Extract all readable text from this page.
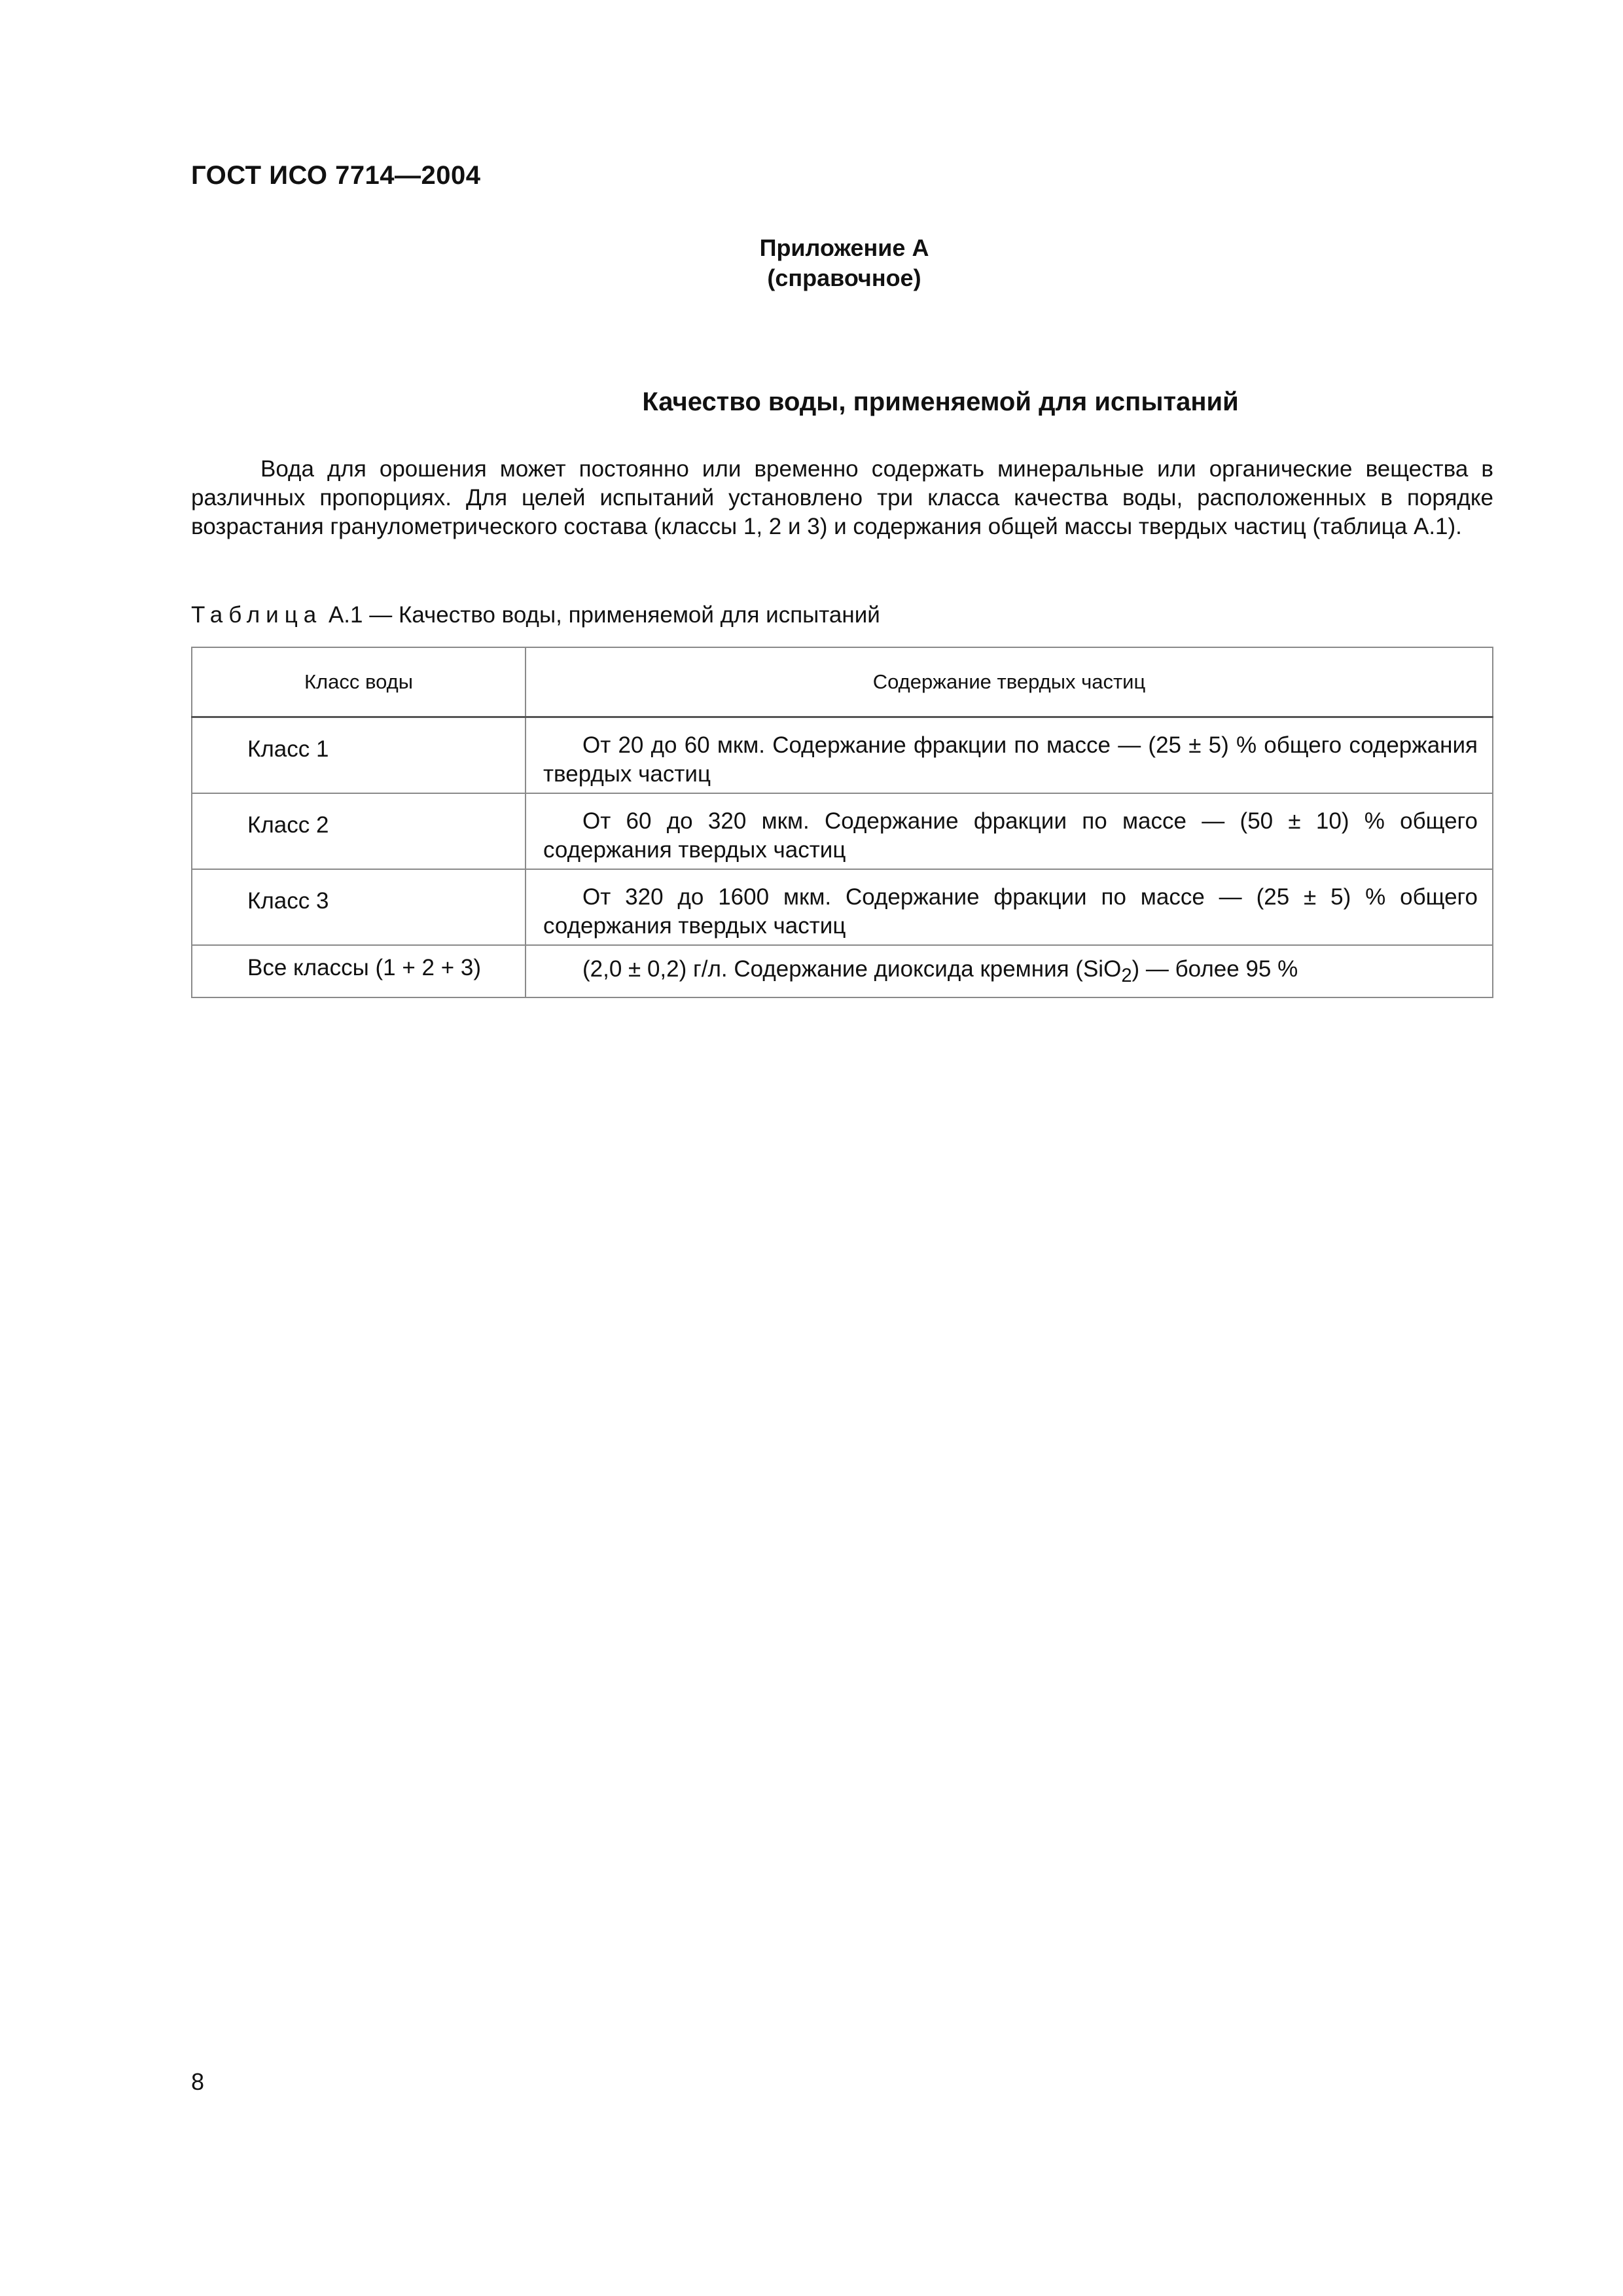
ГОСТ ИСО 7714—2004
Приложение А
(справочное)
Качество воды, применяемой для испытаний

Вода для орошения может постоянно или временно содержать минеральные или органические вещества в различных пропорциях. Для целей испытаний установлено три класса качества воды, расположенных в порядке возрастания гранулометрического состава (классы 1, 2 и 3) и содержания общей массы твердых частиц (таблица А.1).

Таблица А.1 — Качество воды, применяемой для испытаний
Класс воды	Содержание твердых частиц
Класс 1	От 20 до 60 мкм. Содержание фракции по массе — (25 ± 5) % общего содержания твердых частиц
Класс 2	От 60 до 320 мкм. Содержание фракции по массе — (50 ± 10) % общего содержания твердых частиц
Класс 3	От 320 до 1600 мкм. Содержание фракции по массе — (25 ± 5) % общего содержания твердых частиц
Все классы (1 + 2 + 3)	(2,0 ± 0,2) г/л. Содержание диоксида кремния (SiO$_2$) — более 95 %
8
